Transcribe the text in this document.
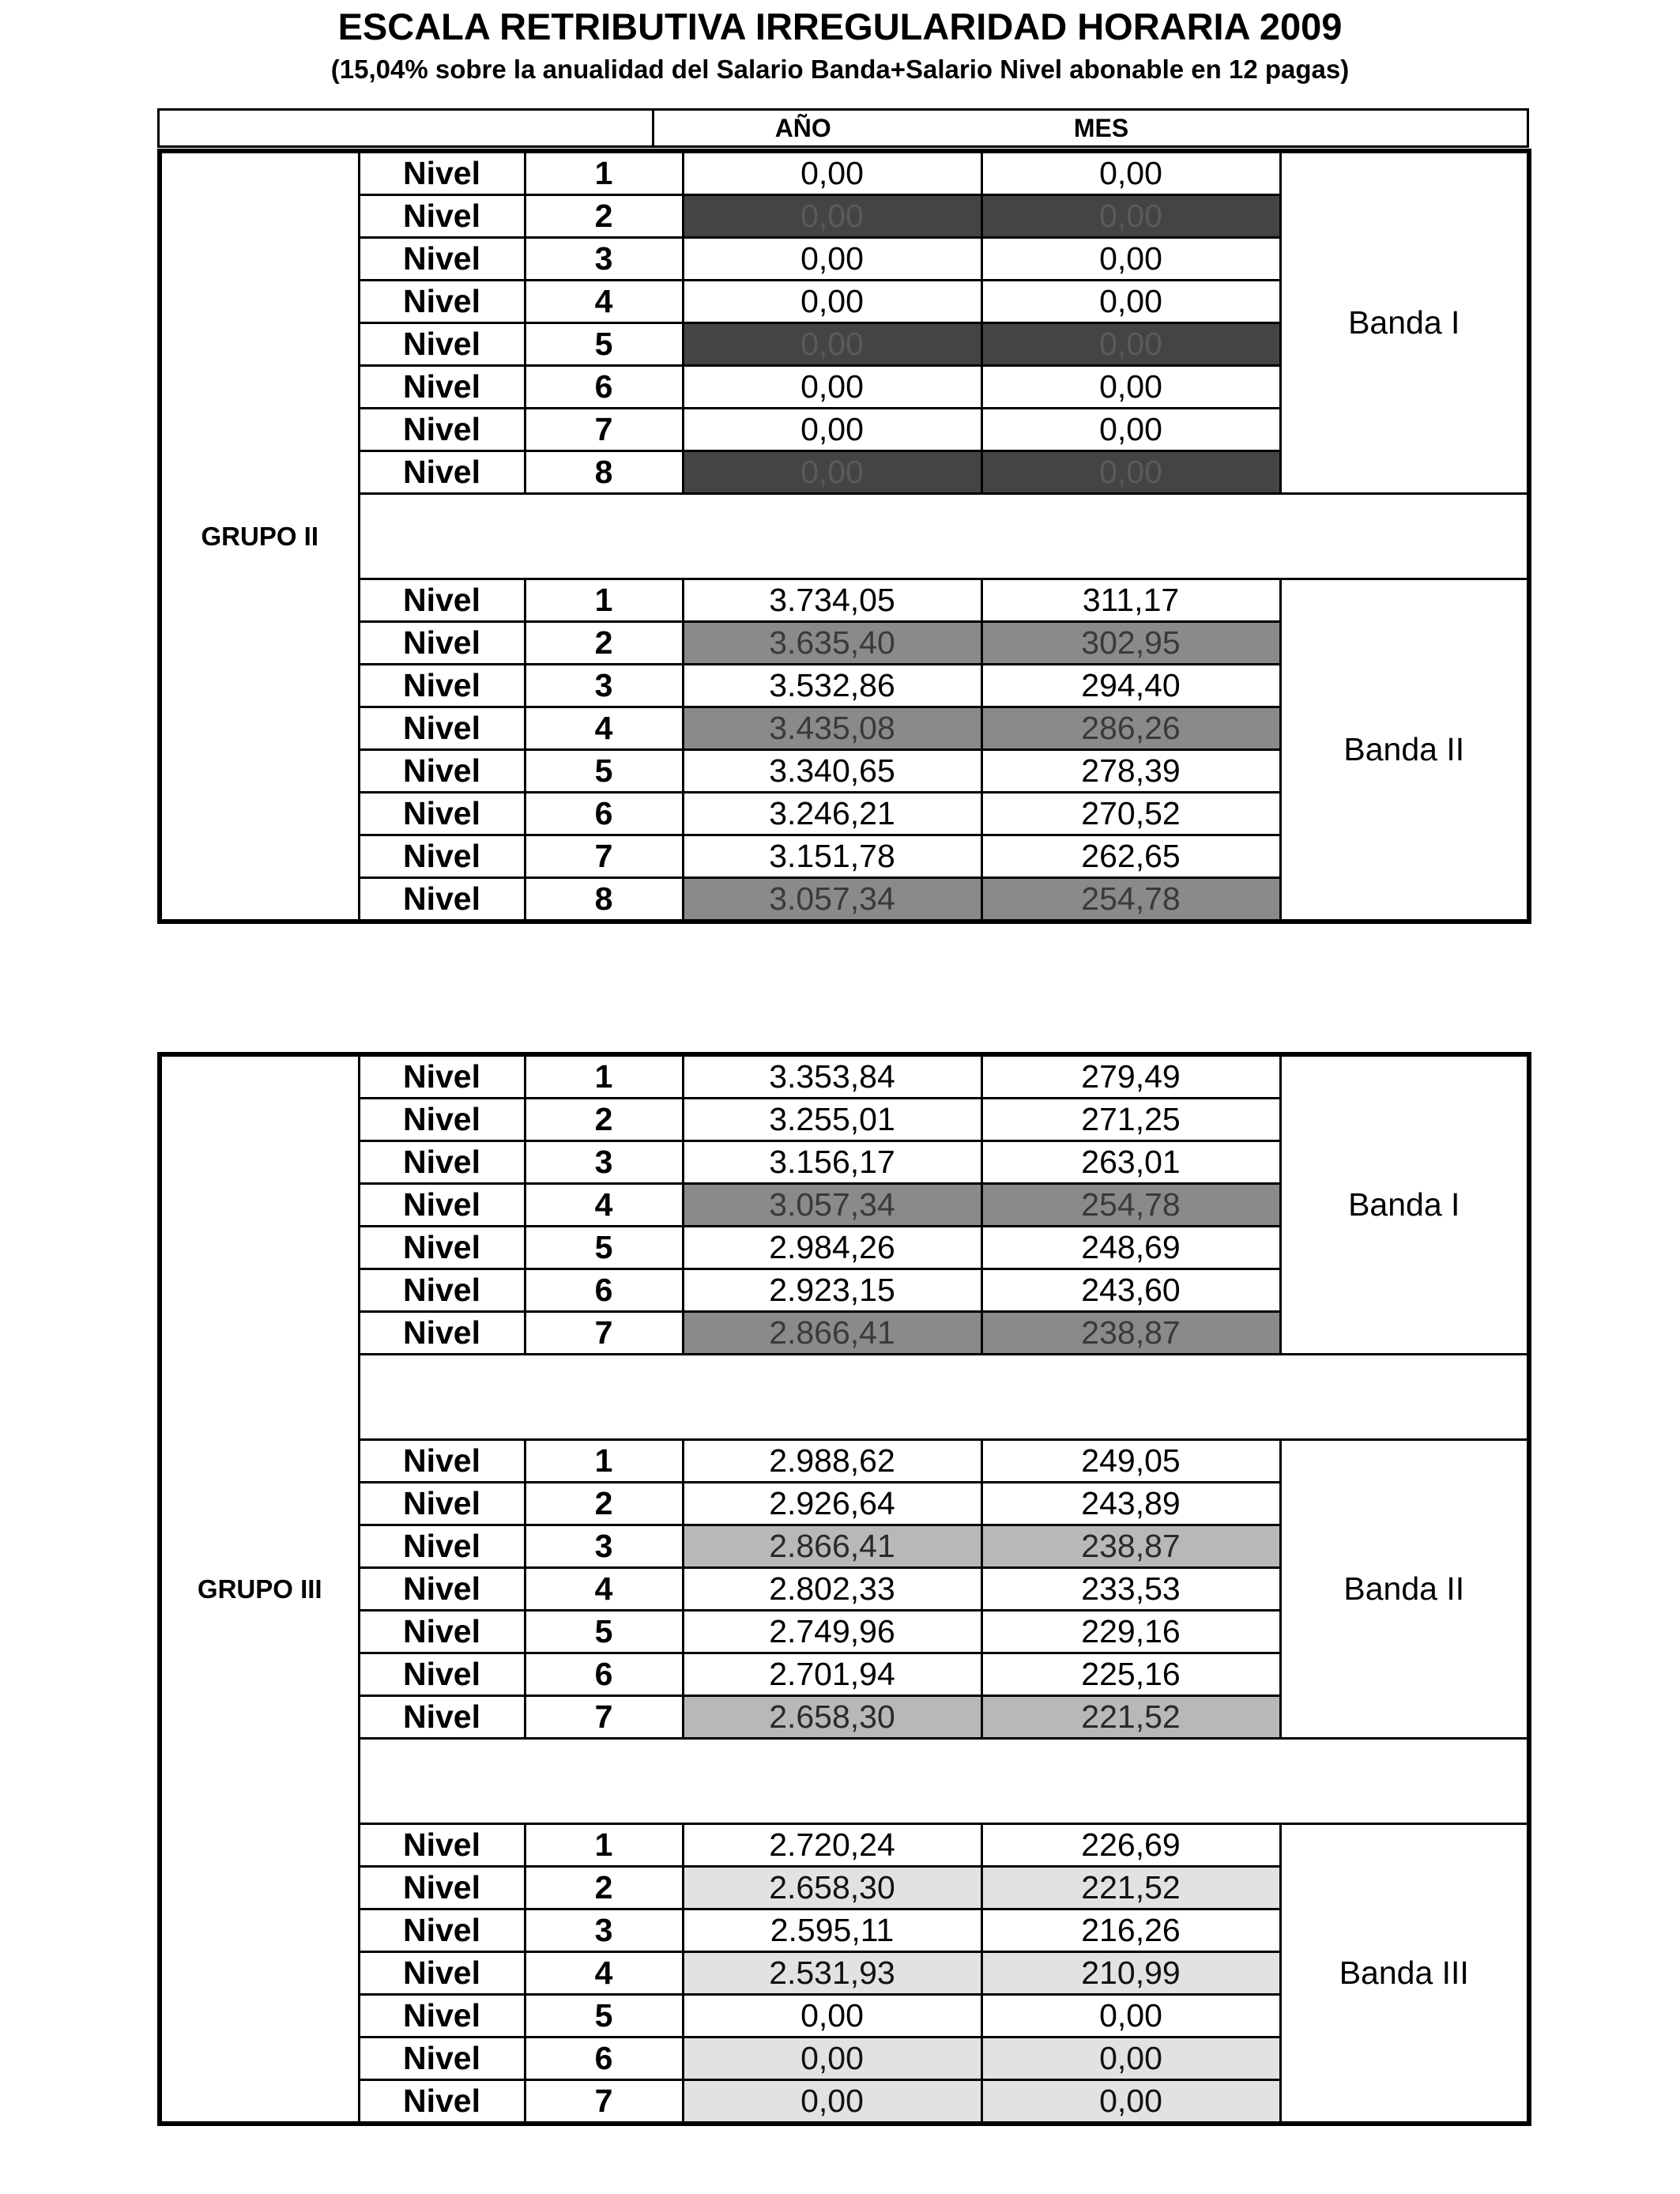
ESCALA RETRIBUTIVA IRREGULARIDAD HORARIA 2009
(15,04% sobre la anualidad del Salario Banda+Salario Nivel abonable en 12 pagas)
	AÑO	MES	
GRUPO II	Nivel	1	0,00	0,00	Banda I
	Nivel	2	0,00	0,00	
	Nivel	3	0,00	0,00	
	Nivel	4	0,00	0,00	
	Nivel	5	0,00	0,00	
	Nivel	6	0,00	0,00	
	Nivel	7	0,00	0,00	
	Nivel	8	0,00	0,00	

	Nivel	1	3.734,05	311,17	Banda II
	Nivel	2	3.635,40	302,95	
	Nivel	3	3.532,86	294,40	
	Nivel	4	3.435,08	286,26	
	Nivel	5	3.340,65	278,39	
	Nivel	6	3.246,21	270,52	
	Nivel	7	3.151,78	262,65	
	Nivel	8	3.057,34	254,78	
GRUPO III	Nivel	1	3.353,84	279,49	Banda I
	Nivel	2	3.255,01	271,25	
	Nivel	3	3.156,17	263,01	
	Nivel	4	3.057,34	254,78	
	Nivel	5	2.984,26	248,69	
	Nivel	6	2.923,15	243,60	
	Nivel	7	2.866,41	238,87	

	Nivel	1	2.988,62	249,05	Banda II
	Nivel	2	2.926,64	243,89	
	Nivel	3	2.866,41	238,87	
	Nivel	4	2.802,33	233,53	
	Nivel	5	2.749,96	229,16	
	Nivel	6	2.701,94	225,16	
	Nivel	7	2.658,30	221,52	

	Nivel	1	2.720,24	226,69	Banda III
	Nivel	2	2.658,30	221,52	
	Nivel	3	2.595,11	216,26	
	Nivel	4	2.531,93	210,99	
	Nivel	5	0,00	0,00	
	Nivel	6	0,00	0,00	
	Nivel	7	0,00	0,00	
